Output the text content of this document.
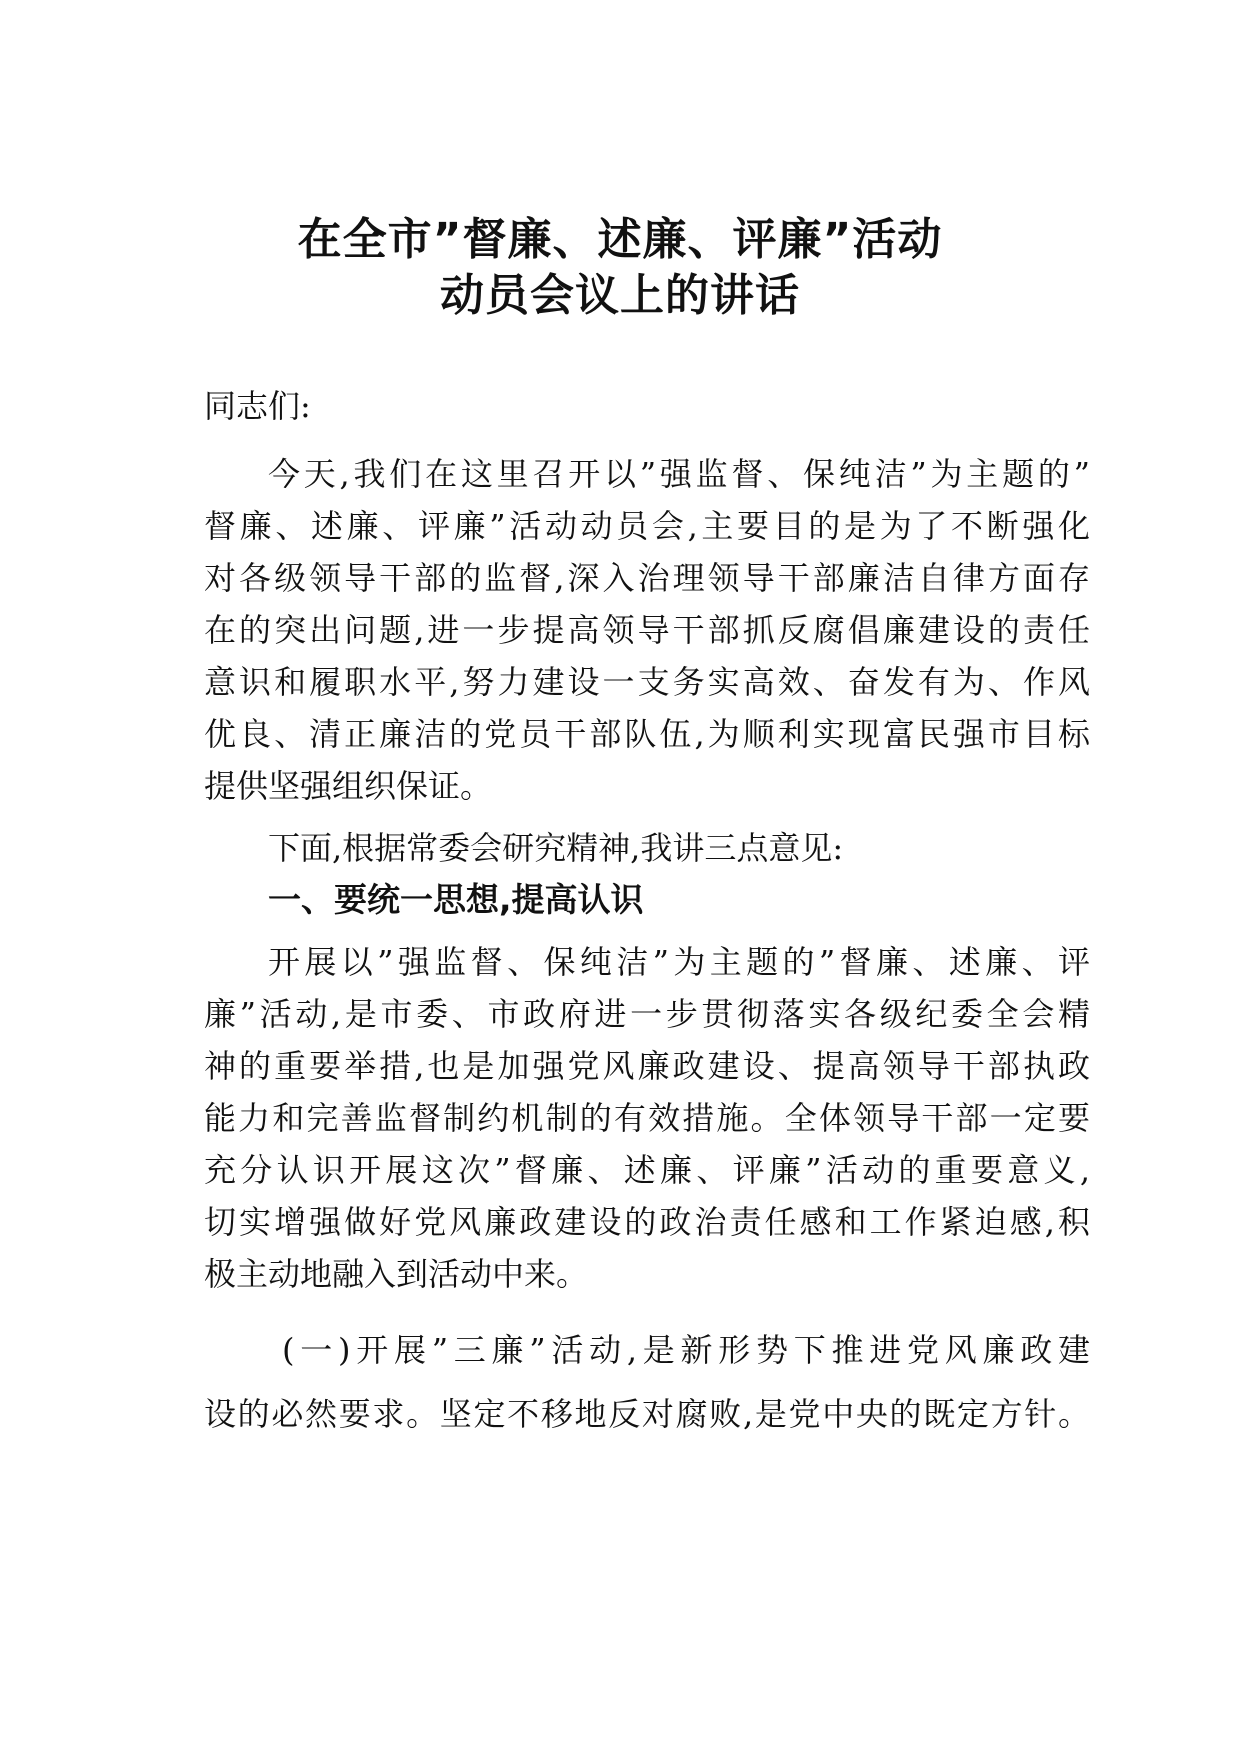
在全市”督廉、述廉、评廉”活动
动员会议上的讲话
同志们:
今天,我们在这里召开以”强监督、保纯洁”为主题的”
督廉、述廉、评廉”活动动员会,主要目的是为了不断强化
对各级领导干部的监督,深入治理领导干部廉洁自律方面存
在的突出问题,进一步提高领导干部抓反腐倡廉建设的责任
意识和履职水平,努力建设一支务实高效、奋发有为、作风
优良、清正廉洁的党员干部队伍,为顺利实现富民强市目标
提供坚强组织保证。
下面,根据常委会研究精神,我讲三点意见:
一、要统一思想,提高认识
开展以”强监督、保纯洁”为主题的”督廉、述廉、评
廉”活动,是市委、市政府进一步贯彻落实各级纪委全会精
神的重要举措,也是加强党风廉政建设、提高领导干部执政
能力和完善监督制约机制的有效措施。全体领导干部一定要
充分认识开展这次”督廉、述廉、评廉”活动的重要意义,
切实增强做好党风廉政建设的政治责任感和工作紧迫感,积
极主动地融入到活动中来。
(一)开展”三廉”活动,是新形势下推进党风廉政建
设的必然要求。坚定不移地反对腐败,是党中央的既定方针。
